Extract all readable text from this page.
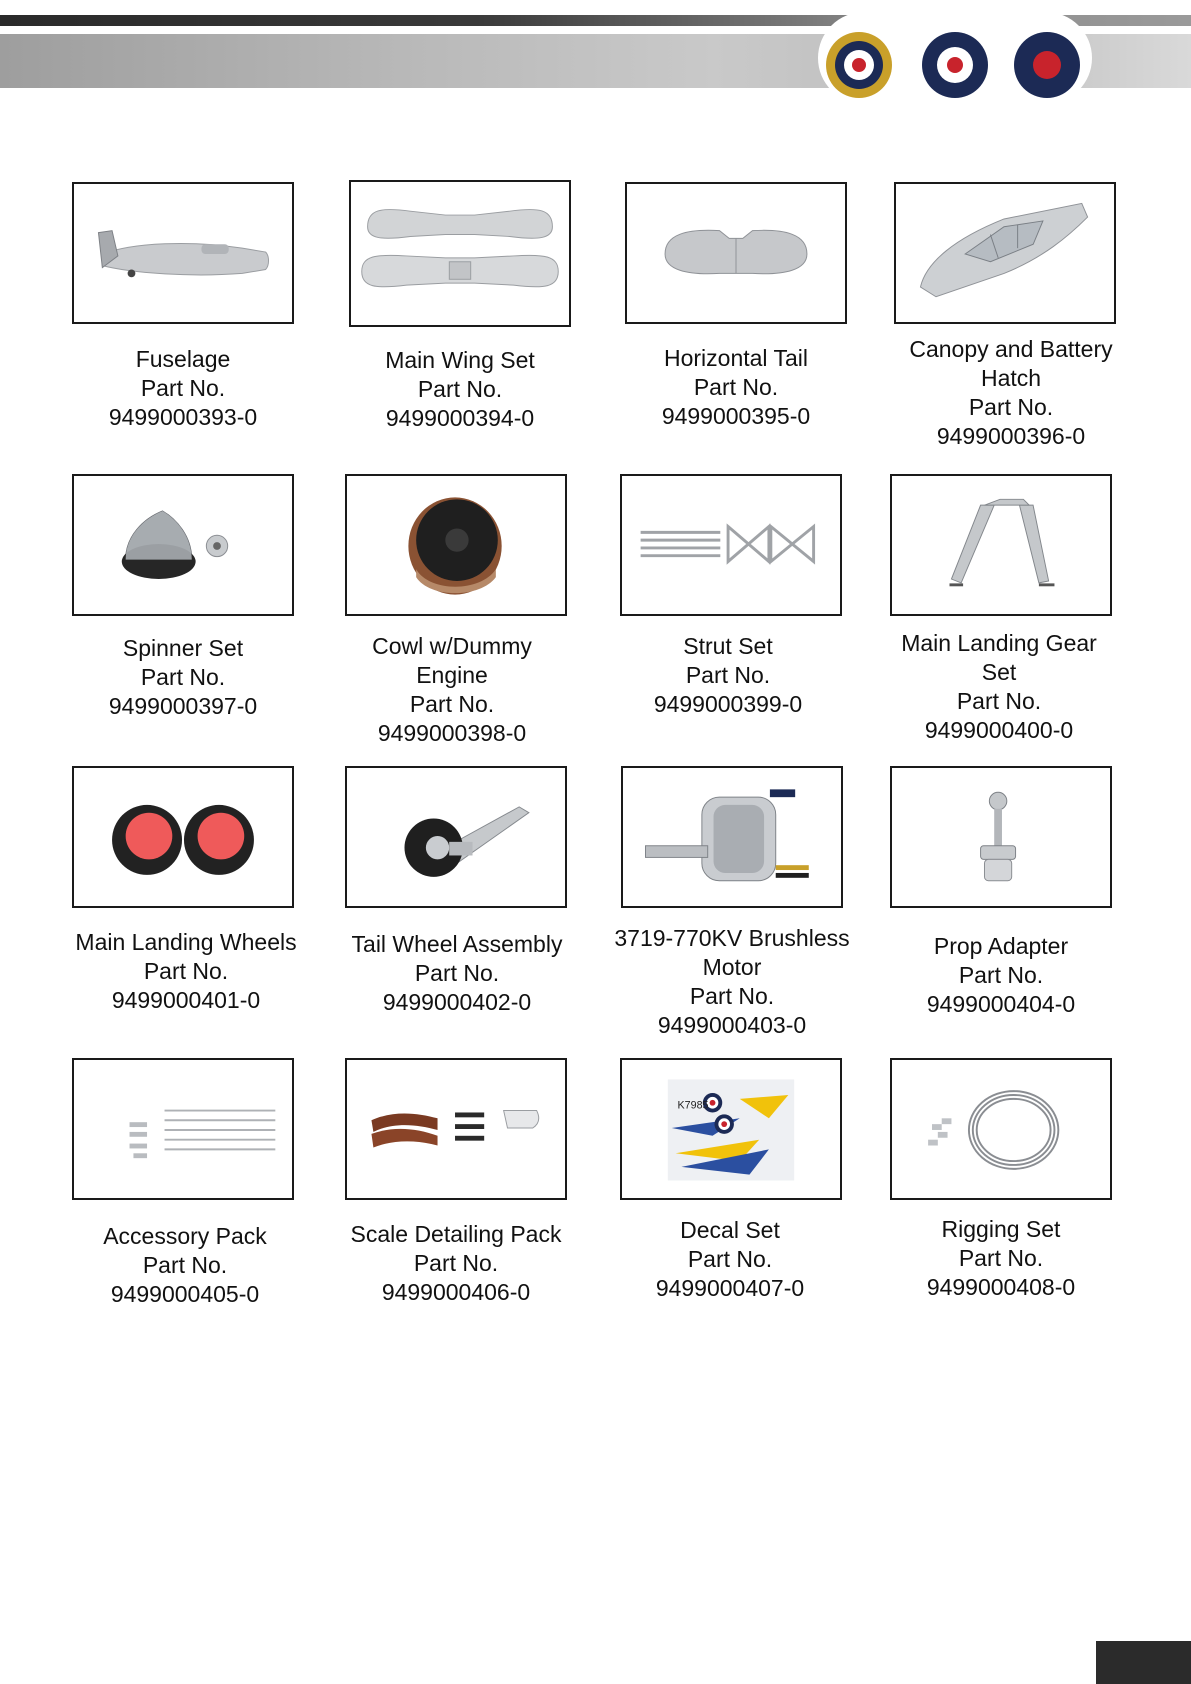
Fuselage
Part No.
9499000393-0
Main Wing Set
Part No.
9499000394-0
Horizontal Tail
Part No.
9499000395-0
Canopy and Battery
Hatch
Part No.
9499000396-0
Spinner Set
Part No.
9499000397-0
Cowl w/Dummy
Engine
Part No.
9499000398-0
Strut Set
Part No.
9499000399-0
Main Landing Gear
Set
Part No.
9499000400-0
Main Landing Wheels
Part No.
9499000401-0
Tail Wheel Assembly
Part No.
9499000402-0
3719-770KV Brushless
Motor
Part No.
9499000403-0
Prop Adapter
Part No.
9499000404-0
Accessory Pack
Part No.
9499000405-0
Scale Detailing Pack
Part No.
9499000406-0
K7985
Decal Set
Part No.
9499000407-0
Rigging Set
Part No.
9499000408-0
